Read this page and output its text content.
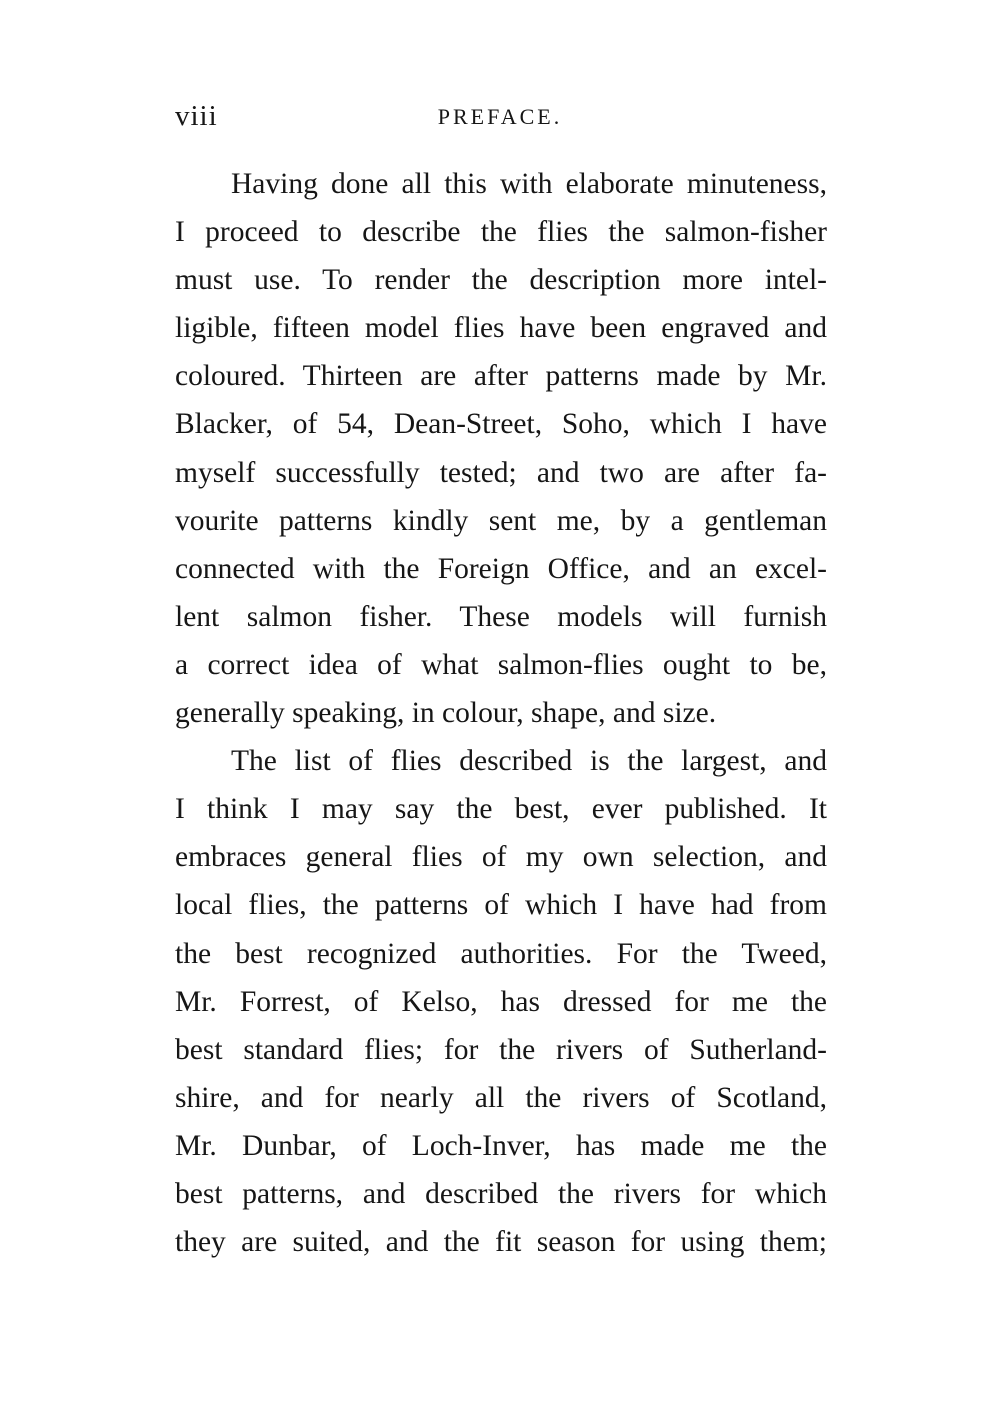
viii	PREFACE.
Having done all this with elaborate minuteness,
I proceed to describe the flies the salmon-fisher
must use. To render the description more intel-
ligible, fifteen model flies have been engraved and
coloured. Thirteen are after patterns made by Mr.
Blacker, of 54, Dean-Street, Soho, which I have
myself successfully tested; and two are after fa-
vourite patterns kindly sent me, by a gentleman
connected with the Foreign Office, and an excel-
lent salmon fisher. These models will furnish
a correct idea of what salmon-flies ought to be,
generally speaking, in colour, shape, and size.
The list of flies described is the largest, and
I think I may say the best, ever published. It
embraces general flies of my own selection, and
local flies, the patterns of which I have had from
the best recognized authorities. For the Tweed,
Mr. Forrest, of Kelso, has dressed for me the
best standard flies; for the rivers of Sutherland-
shire, and for nearly all the rivers of Scotland,
Mr. Dunbar, of Loch-Inver, has made me the
best patterns, and described the rivers for which
they are suited, and the fit season for using them;
